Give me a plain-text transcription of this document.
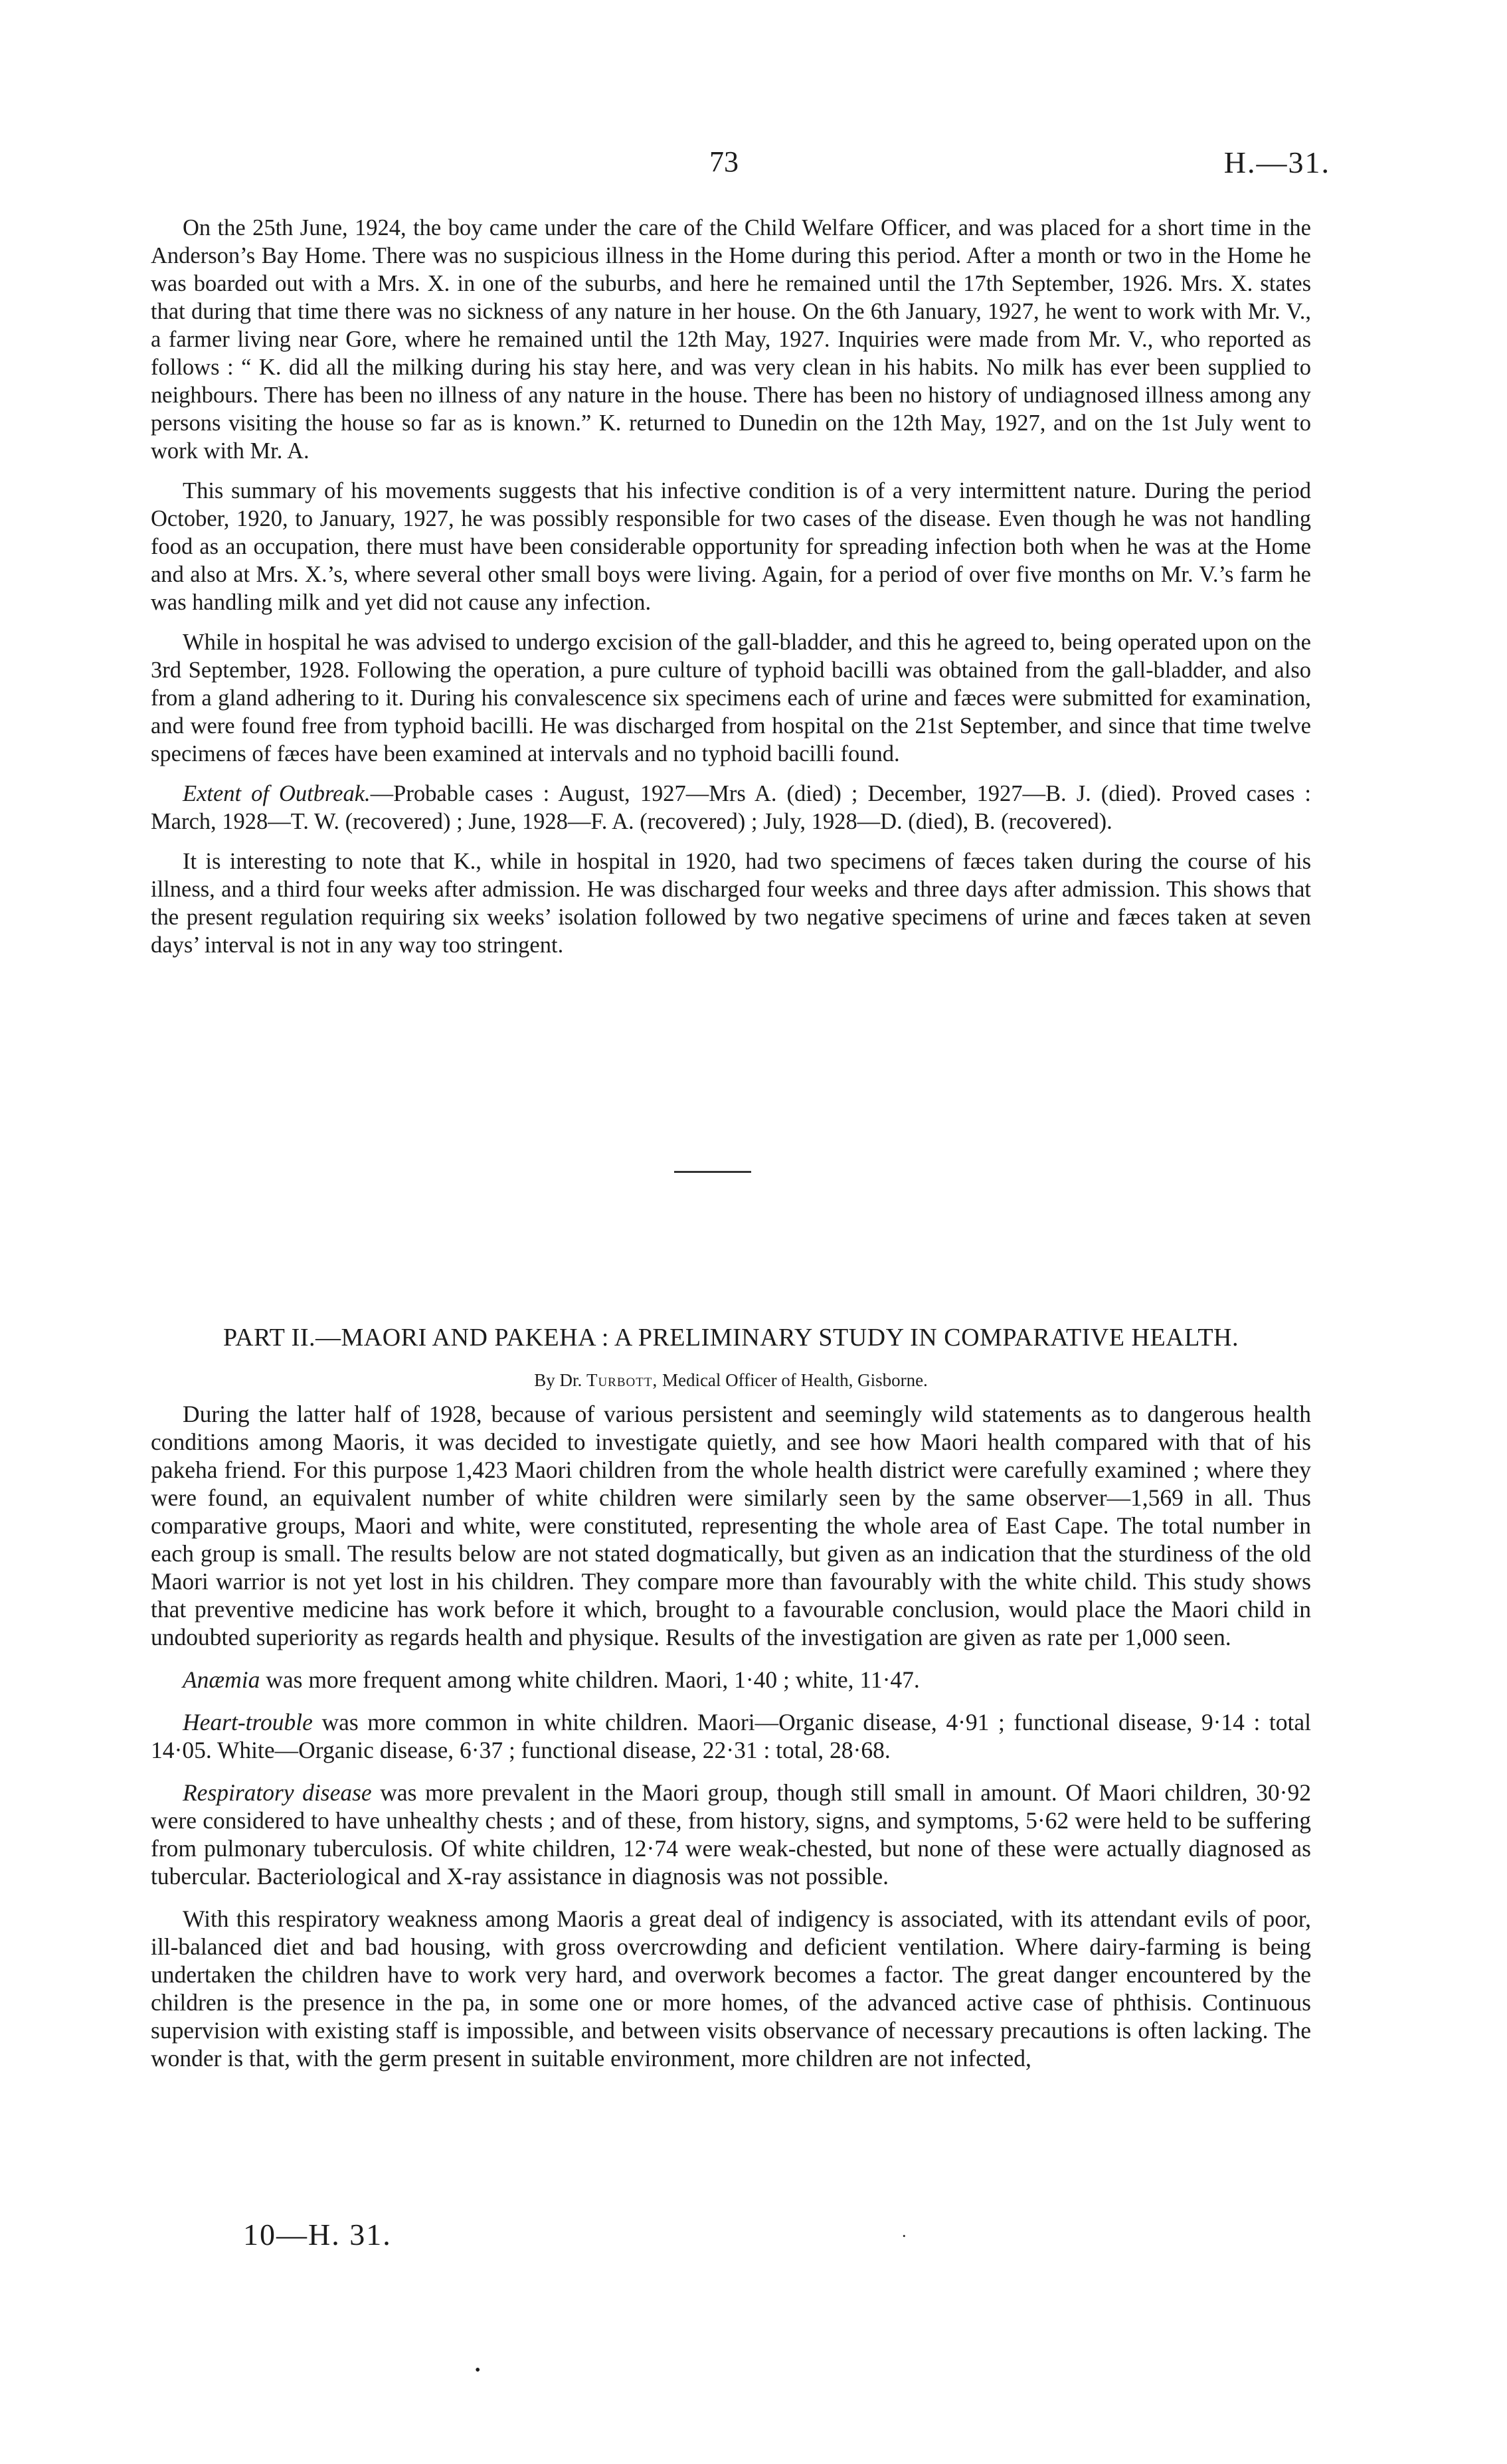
73	H.—31.

On the 25th June, 1924, the boy came under the care of the Child Welfare Officer, and was placed for a short time in the Anderson’s Bay Home. There was no suspicious illness in the Home during this period. After a month or two in the Home he was boarded out with a Mrs. X. in one of the suburbs, and here he remained until the 17th September, 1926. Mrs. X. states that during that time there was no sickness of any nature in her house. On the 6th January, 1927, he went to work with Mr. V., a farmer living near Gore, where he remained until the 12th May, 1927. Inquiries were made from Mr. V., who reported as follows : “ K. did all the milking during his stay here, and was very clean in his habits. No milk has ever been supplied to neighbours. There has been no illness of any nature in the house. There has been no history of undiagnosed illness among any persons visiting the house so far as is known.” K. returned to Dunedin on the 12th May, 1927, and on the 1st July went to work with Mr. A.

This summary of his movements suggests that his infective condition is of a very intermittent nature. During the period October, 1920, to January, 1927, he was possibly responsible for two cases of the disease. Even though he was not handling food as an occupation, there must have been considerable opportunity for spreading infection both when he was at the Home and also at Mrs. X.’s, where several other small boys were living. Again, for a period of over five months on Mr. V.’s farm he was handling milk and yet did not cause any infection.

While in hospital he was advised to undergo excision of the gall-bladder, and this he agreed to, being operated upon on the 3rd September, 1928. Following the operation, a pure culture of typhoid bacilli was obtained from the gall-bladder, and also from a gland adhering to it. During his convalescence six specimens each of urine and fæces were submitted for examination, and were found free from typhoid bacilli. He was discharged from hospital on the 21st September, and since that time twelve specimens of fæces have been examined at intervals and no typhoid bacilli found.

Extent of Outbreak.—Probable cases : August, 1927—Mrs A. (died) ; December, 1927—B. J. (died). Proved cases : March, 1928—T. W. (recovered) ; June, 1928—F. A. (recovered) ; July, 1928—D. (died), B. (recovered).

It is interesting to note that K., while in hospital in 1920, had two specimens of fæces taken during the course of his illness, and a third four weeks after admission. He was discharged four weeks and three days after admission. This shows that the present regulation requiring six weeks’ isolation followed by two negative specimens of urine and fæces taken at seven days’ interval is not in any way too stringent.

PART II.—MAORI AND PAKEHA : A PRELIMINARY STUDY IN COMPARATIVE HEALTH.
By Dr. Turbott, Medical Officer of Health, Gisborne.

During the latter half of 1928, because of various persistent and seemingly wild statements as to dangerous health conditions among Maoris, it was decided to investigate quietly, and see how Maori health compared with that of his pakeha friend. For this purpose 1,423 Maori children from the whole health district were carefully examined ; where they were found, an equivalent number of white children were similarly seen by the same observer—1,569 in all. Thus comparative groups, Maori and white, were constituted, representing the whole area of East Cape. The total number in each group is small. The results below are not stated dogmatically, but given as an indication that the sturdiness of the old Maori warrior is not yet lost in his children. They compare more than favourably with the white child. This study shows that preventive medicine has work before it which, brought to a favourable conclusion, would place the Maori child in undoubted superiority as regards health and physique. Results of the investigation are given as rate per 1,000 seen.

Anæmia was more frequent among white children. Maori, 1·40 ; white, 11·47.

Heart-trouble was more common in white children. Maori—Organic disease, 4·91 ; functional disease, 9·14 : total 14·05. White—Organic disease, 6·37 ; functional disease, 22·31 : total, 28·68.

Respiratory disease was more prevalent in the Maori group, though still small in amount. Of Maori children, 30·92 were considered to have unhealthy chests ; and of these, from history, signs, and symptoms, 5·62 were held to be suffering from pulmonary tuberculosis. Of white children, 12·74 were weak-chested, but none of these were actually diagnosed as tubercular. Bacteriological and X-ray assistance in diagnosis was not possible.

With this respiratory weakness among Maoris a great deal of indigency is associated, with its attendant evils of poor, ill-balanced diet and bad housing, with gross overcrowding and deficient ventilation. Where dairy-farming is being undertaken the children have to work very hard, and overwork becomes a factor. The great danger encountered by the children is the presence in the pa, in some one or more homes, of the advanced active case of phthisis. Continuous supervision with existing staff is impossible, and between visits observance of necessary precautions is often lacking. The wonder is that, with the germ present in suitable environment, more children are not infected,

10—H. 31.	.
•
